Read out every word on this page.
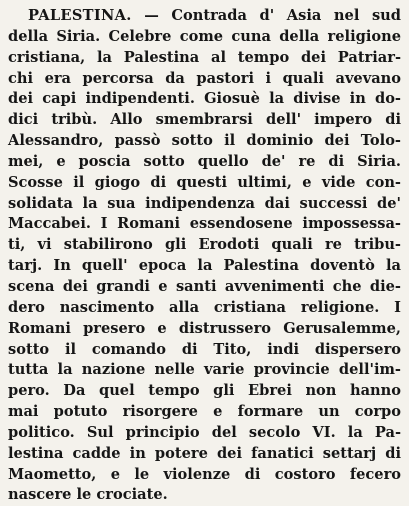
PALESTINA. — Contrada d' Asia nel sud
della Siria. Celebre come cuna della religione
cristiana, la Palestina al tempo dei Patriar-
chi era percorsa da pastori i quali avevano
dei capi indipendenti. Giosuè la divise in do-
dici tribù. Allo smembrarsi dell' impero di
Alessandro, passò sotto il dominio dei Tolo-
mei, e poscia sotto quello de' re di Siria.
Scosse il giogo di questi ultimi, e vide con-
solidata la sua indipendenza dai successi de'
Maccabei. I Romani essendosene impossessa-
ti, vi stabilirono gli Erodoti quali re tribu-
tarj. In quell' epoca la Palestina doventò la
scena dei grandi e santi avvenimenti che die-
dero nascimento alla cristiana religione. I
Romani presero e distrussero Gerusalemme,
sotto il comando di Tito, indi dispersero
tutta la nazione nelle varie provincie dell'im-
pero. Da quel tempo gli Ebrei non hanno
mai potuto risorgere e formare un corpo
politico. Sul principio del secolo VI. la Pa-
lestina cadde in potere dei fanatici settarj di
Maometto, e le violenze di costoro fecero
nascere le crociate.
